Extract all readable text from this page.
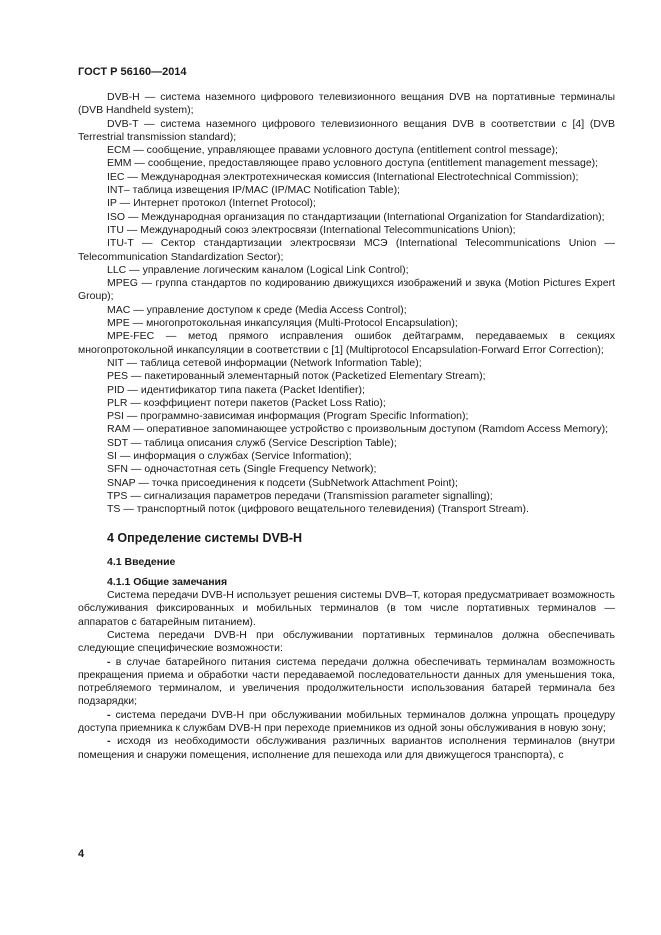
ГОСТ Р 56160—2014

DVB-H — система наземного цифрового телевизионного вещания DVB на портативные терминалы (DVB Handheld system);

DVB-T — система наземного цифрового телевизионного вещания DVB в соответствии с [4] (DVB Terrestrial transmission standard);

ECM — сообщение, управляющее правами условного доступа (entitlement control message);

EMM — сообщение, предоставляющее право условного доступа (entitlement management message);

IEC — Международная электротехническая комиссия (International Electrotechnical Commission);

INT– таблица извещения IP/MAC (IP/MAC Notification Table);

IP — Интернет протокол (Internet Protocol);

ISO — Международная организация по стандартизации (International Organization for Standardization);

ITU — Международный союз электросвязи (International Telecommunications Union);

ITU-T — Сектор стандартизации электросвязи МСЭ (International Telecommunications Union — Telecommunication Standardization Sector);

LLC — управление логическим каналом (Logical Link Control);

MPEG — группа стандартов по кодированию движущихся изображений и звука (Motion Pictures Expert Group);

MAC — управление доступом к среде (Media Access Control);

MPE — многопротокольная инкапсуляция (Multi-Protocol Encapsulation);

MPE-FEC — метод прямого исправления ошибок дейтаграмм, передаваемых в секциях многопротокольной инкапсуляции в соответствии с [1] (Multiprotocol Encapsulation-Forward Error Correction);

NIT — таблица сетевой информации (Network Information Table);

PES — пакетированный элементарный поток (Packetized Elementary Stream);

PID — идентификатор типа пакета (Packet Identifier);

PLR — коэффициент потери пакетов (Packet Loss Ratio);

PSI — программно-зависимая информация (Program Specific Information);

RAM — оперативное запоминающее устройство с произвольным доступом (Ramdom Access Memory);

SDT — таблица описания служб (Service Description Table);

SI — информация о службах (Service Information);

SFN — одночастотная сеть (Single Frequency Network);

SNAP — точка присоединения к подсети (SubNetwork Attachment Point);

TPS — сигнализация параметров передачи (Transmission parameter signalling);

TS — транспортный поток (цифрового вещательного телевидения) (Transport Stream).

4 Определение системы DVB-H
4.1 Введение
4.1.1 Общие замечания

Система передачи DVB-H использует решения системы DVB–T, которая предусматривает возможность обслуживания фиксированных и мобильных терминалов (в том числе портативных терминалов — аппаратов с батарейным питанием).

Система передачи DVB-H при обслуживании портативных терминалов должна обеспечивать следующие специфические возможности:

- в случае батарейного питания система передачи должна обеспечивать терминалам возможность прекращения приема и обработки части передаваемой последовательности данных для уменьшения тока, потребляемого терминалом, и увеличения продолжительности использования батарей терминала без подзарядки;

- система передачи DVB-H при обслуживании мобильных терминалов должна упрощать процедуру доступа приемника к службам DVB-H при переходе приемников из одной зоны обслуживания в новую зону;

- исходя из необходимости обслуживания различных вариантов исполнения терминалов (внутри помещения и снаружи помещения, исполнение для пешехода или для движущегося транспорта), с

4
